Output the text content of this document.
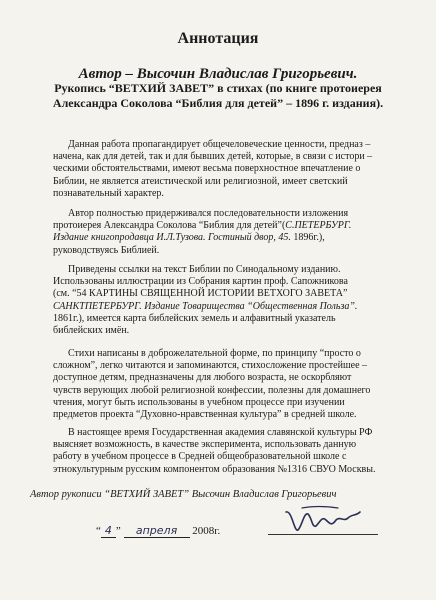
Аннотация
Автор – Высочин Владислав Григорьевич.
Рукопись “ВЕТХИЙ ЗАВЕТ” в стихах (по книге протоиерея
Александра Соколова “Библия для детей” – 1896 г. издания).

Данная работа пропагандирует общечеловеческие ценности, предназ –

начена, как для детей, так и для бывших детей, которые, в связи с истори –

ческими обстоятельствами, имеют весьма поверхностное впечатление о

Библии, не является атеистической или религиозной, имеет светский

познавательный характер.

Автор полностью придерживался последовательности изложения

протоиерея Александра Соколова “Библия для детей”(С.ПЕТЕРБУРГ.

Издание книгопродавца И.Л.Тузова. Гостиный двор, 45. 1896г.),

руководствуясь Библией.

Приведены ссылки на текст Библии по Синодальному изданию.

Использованы иллюстрации из Собрания картин проф. Сапожникова

(см. “54 КАРТИНЫ СВЯЩЕННОЙ ИСТОРИИ ВЕТХОГО ЗАВЕТА”

САНКТПЕТЕРБУРГ. Издание Товарищества “Общественная Польза”.

1861г.), имеется карта библейских земель и алфавитный указатель

библейских имён.

Стихи написаны в доброжелательной форме, по принципу “просто о

сложном”, легко читаются и запоминаются, стихосложение простейшее –

доступное детям, предназначены для любого возраста, не оскорбляют

чувств верующих любой религиозной конфессии, полезны для домашнего

чтения, могут быть использованы в учебном процессе при изучении

предметов проекта “Духовно-нравственная культура” в средней школе.

В настоящее время Государственная академия славянской культуры РФ

выясняет возможность, в качестве эксперимента, использовать данную

работу в учебном процессе в Средней общеобразовательной школе с

этнокультурным русским компонентом образования №1316 СВУО Москвы.

Автор рукописи “ВЕТХИЙ ЗАВЕТ” Высочин Владислав Григорьевич
“ 4 ” апреля 2008г.
